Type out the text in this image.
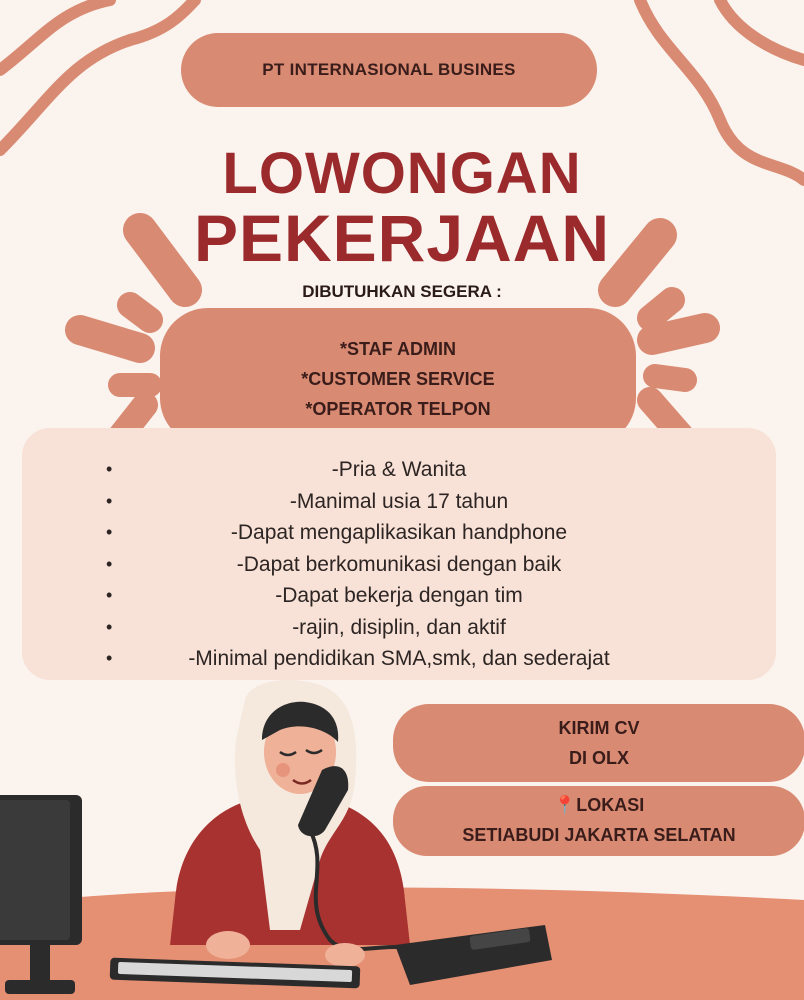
PT INTERNASIONAL BUSINES
LOWONGAN
PEKERJAAN
DIBUTUHKAN SEGERA :
*STAF ADMIN
*CUSTOMER SERVICE
*OPERATOR TELPON
•	-Pria & Wanita
•	-Manimal usia 17 tahun
•	-Dapat mengaplikasikan handphone
•	-Dapat berkomunikasi dengan baik
•	-Dapat bekerja dengan tim
•	-rajin, disiplin, dan aktif
•	-Minimal pendidikan SMA,smk, dan sederajat
KIRIM CV
DI OLX
📍LOKASI
SETIABUDI JAKARTA SELATAN
